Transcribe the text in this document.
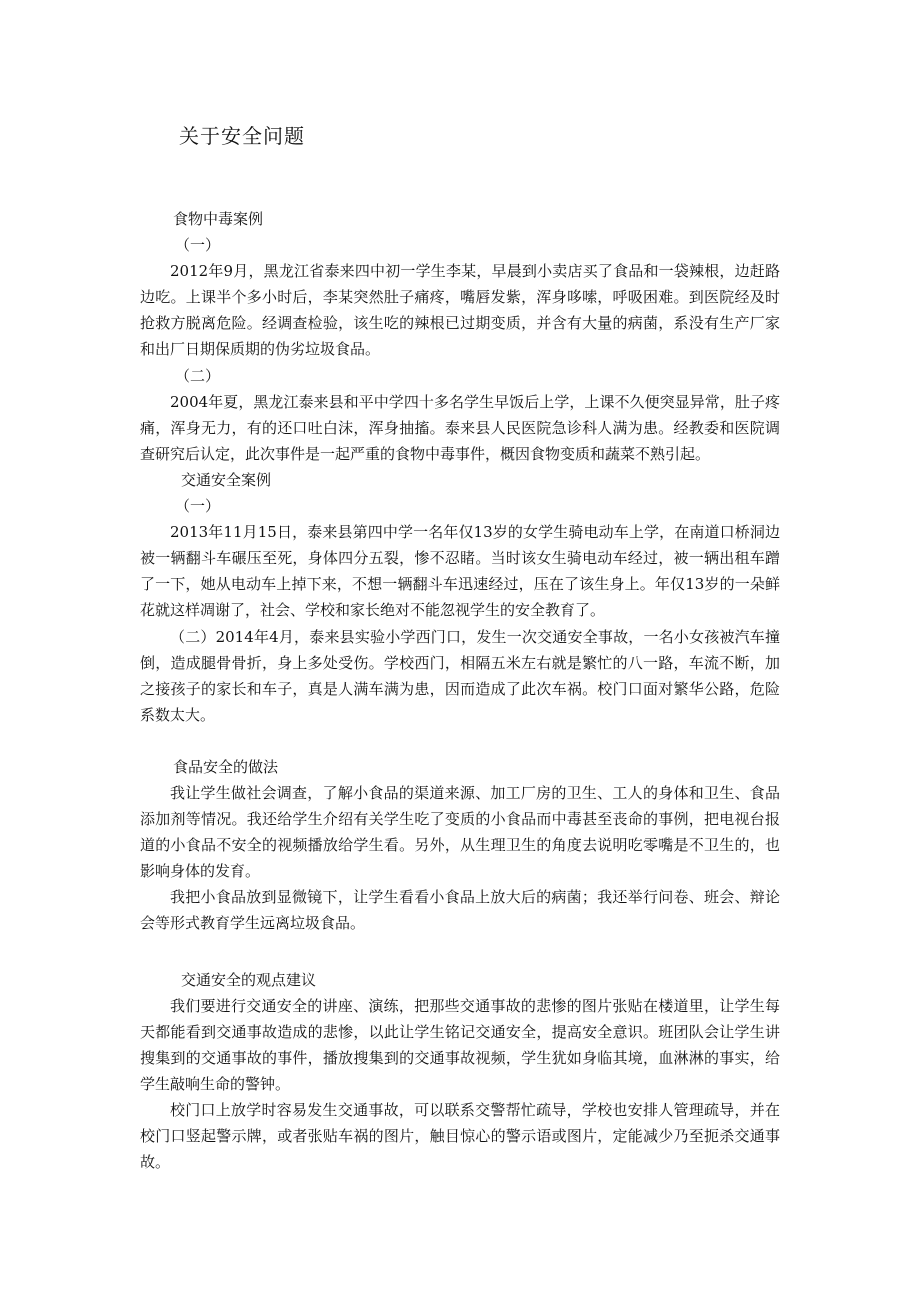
关于安全问题

食物中毒案例

（一）

2012年9月，黑龙江省泰来四中初一学生李某，早晨到小卖店买了食品和一袋辣根，边赶路边吃。上课半个多小时后，李某突然肚子痛疼，嘴唇发紫，浑身哆嗦，呼吸困难。到医院经及时抢救方脱离危险。经调查检验，该生吃的辣根已过期变质，并含有大量的病菌，系没有生产厂家和出厂日期保质期的伪劣垃圾食品。

（二）

2004年夏，黑龙江泰来县和平中学四十多名学生早饭后上学，上课不久便突显异常，肚子疼痛，浑身无力，有的还口吐白沫，浑身抽搐。泰来县人民医院急诊科人满为患。经教委和医院调查研究后认定，此次事件是一起严重的食物中毒事件，概因食物变质和蔬菜不熟引起。

交通安全案例

（一）

2013年11月15日，泰来县第四中学一名年仅13岁的女学生骑电动车上学，在南道口桥洞边被一辆翻斗车碾压至死，身体四分五裂，惨不忍睹。当时该女生骑电动车经过，被一辆出租车蹭了一下，她从电动车上掉下来，不想一辆翻斗车迅速经过，压在了该生身上。年仅13岁的一朵鲜花就这样凋谢了，社会、学校和家长绝对不能忽视学生的安全教育了。

（二）2014年4月，泰来县实验小学西门口，发生一次交通安全事故，一名小女孩被汽车撞倒，造成腿骨骨折，身上多处受伤。学校西门，相隔五米左右就是繁忙的八一路，车流不断，加之接孩子的家长和车子，真是人满车满为患，因而造成了此次车祸。校门口面对繁华公路，危险系数太大。

食品安全的做法

我让学生做社会调查，了解小食品的渠道来源、加工厂房的卫生、工人的身体和卫生、食品添加剂等情况。我还给学生介绍有关学生吃了变质的小食品而中毒甚至丧命的事例，把电视台报道的小食品不安全的视频播放给学生看。另外，从生理卫生的角度去说明吃零嘴是不卫生的，也影响身体的发育。

我把小食品放到显微镜下，让学生看看小食品上放大后的病菌；我还举行问卷、班会、辩论会等形式教育学生远离垃圾食品。

交通安全的观点建议

我们要进行交通安全的讲座、演练，把那些交通事故的悲惨的图片张贴在楼道里，让学生每天都能看到交通事故造成的悲惨，以此让学生铭记交通安全，提高安全意识。班团队会让学生讲搜集到的交通事故的事件，播放搜集到的交通事故视频，学生犹如身临其境，血淋淋的事实，给学生敲响生命的警钟。

校门口上放学时容易发生交通事故，可以联系交警帮忙疏导，学校也安排人管理疏导，并在校门口竖起警示牌，或者张贴车祸的图片，触目惊心的警示语或图片，定能减少乃至扼杀交通事故。
